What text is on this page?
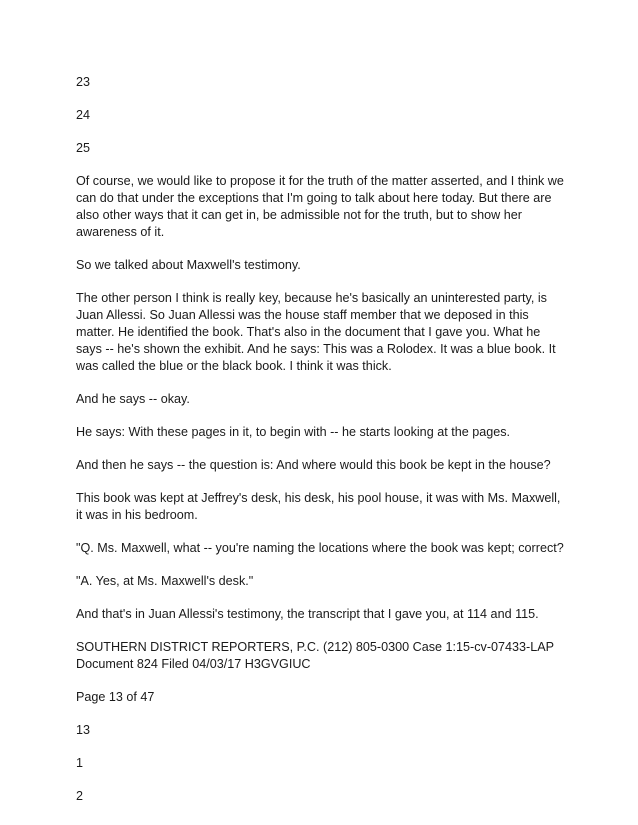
23

24

25

Of course, we would like to propose it for the truth of the matter asserted, and I think we can do that under the exceptions that I'm going to talk about here today. But there are also other ways that it can get in, be admissible not for the truth, but to show her awareness of it.

So we talked about Maxwell's testimony.

The other person I think is really key, because he's basically an uninterested party, is Juan Allessi. So Juan Allessi was the house staff member that we deposed in this matter. He identified the book. That's also in the document that I gave you. What he says -- he's shown the exhibit. And he says: This was a Rolodex. It was a blue book. It was called the blue or the black book. I think it was thick.

And he says -- okay.

He says: With these pages in it, to begin with -- he starts looking at the pages.

And then he says -- the question is: And where would this book be kept in the house?

This book was kept at Jeffrey's desk, his desk, his pool house, it was with Ms. Maxwell, it was in his bedroom.

"Q. Ms. Maxwell, what -- you're naming the locations where the book was kept; correct?

"A. Yes, at Ms. Maxwell's desk."

And that's in Juan Allessi's testimony, the transcript that I gave you, at 114 and 115.

SOUTHERN DISTRICT REPORTERS, P.C. (212) 805-0300 Case 1:15-cv-07433-LAP Document 824 Filed 04/03/17 H3GVGIUC

Page 13 of 47

13

1

2
